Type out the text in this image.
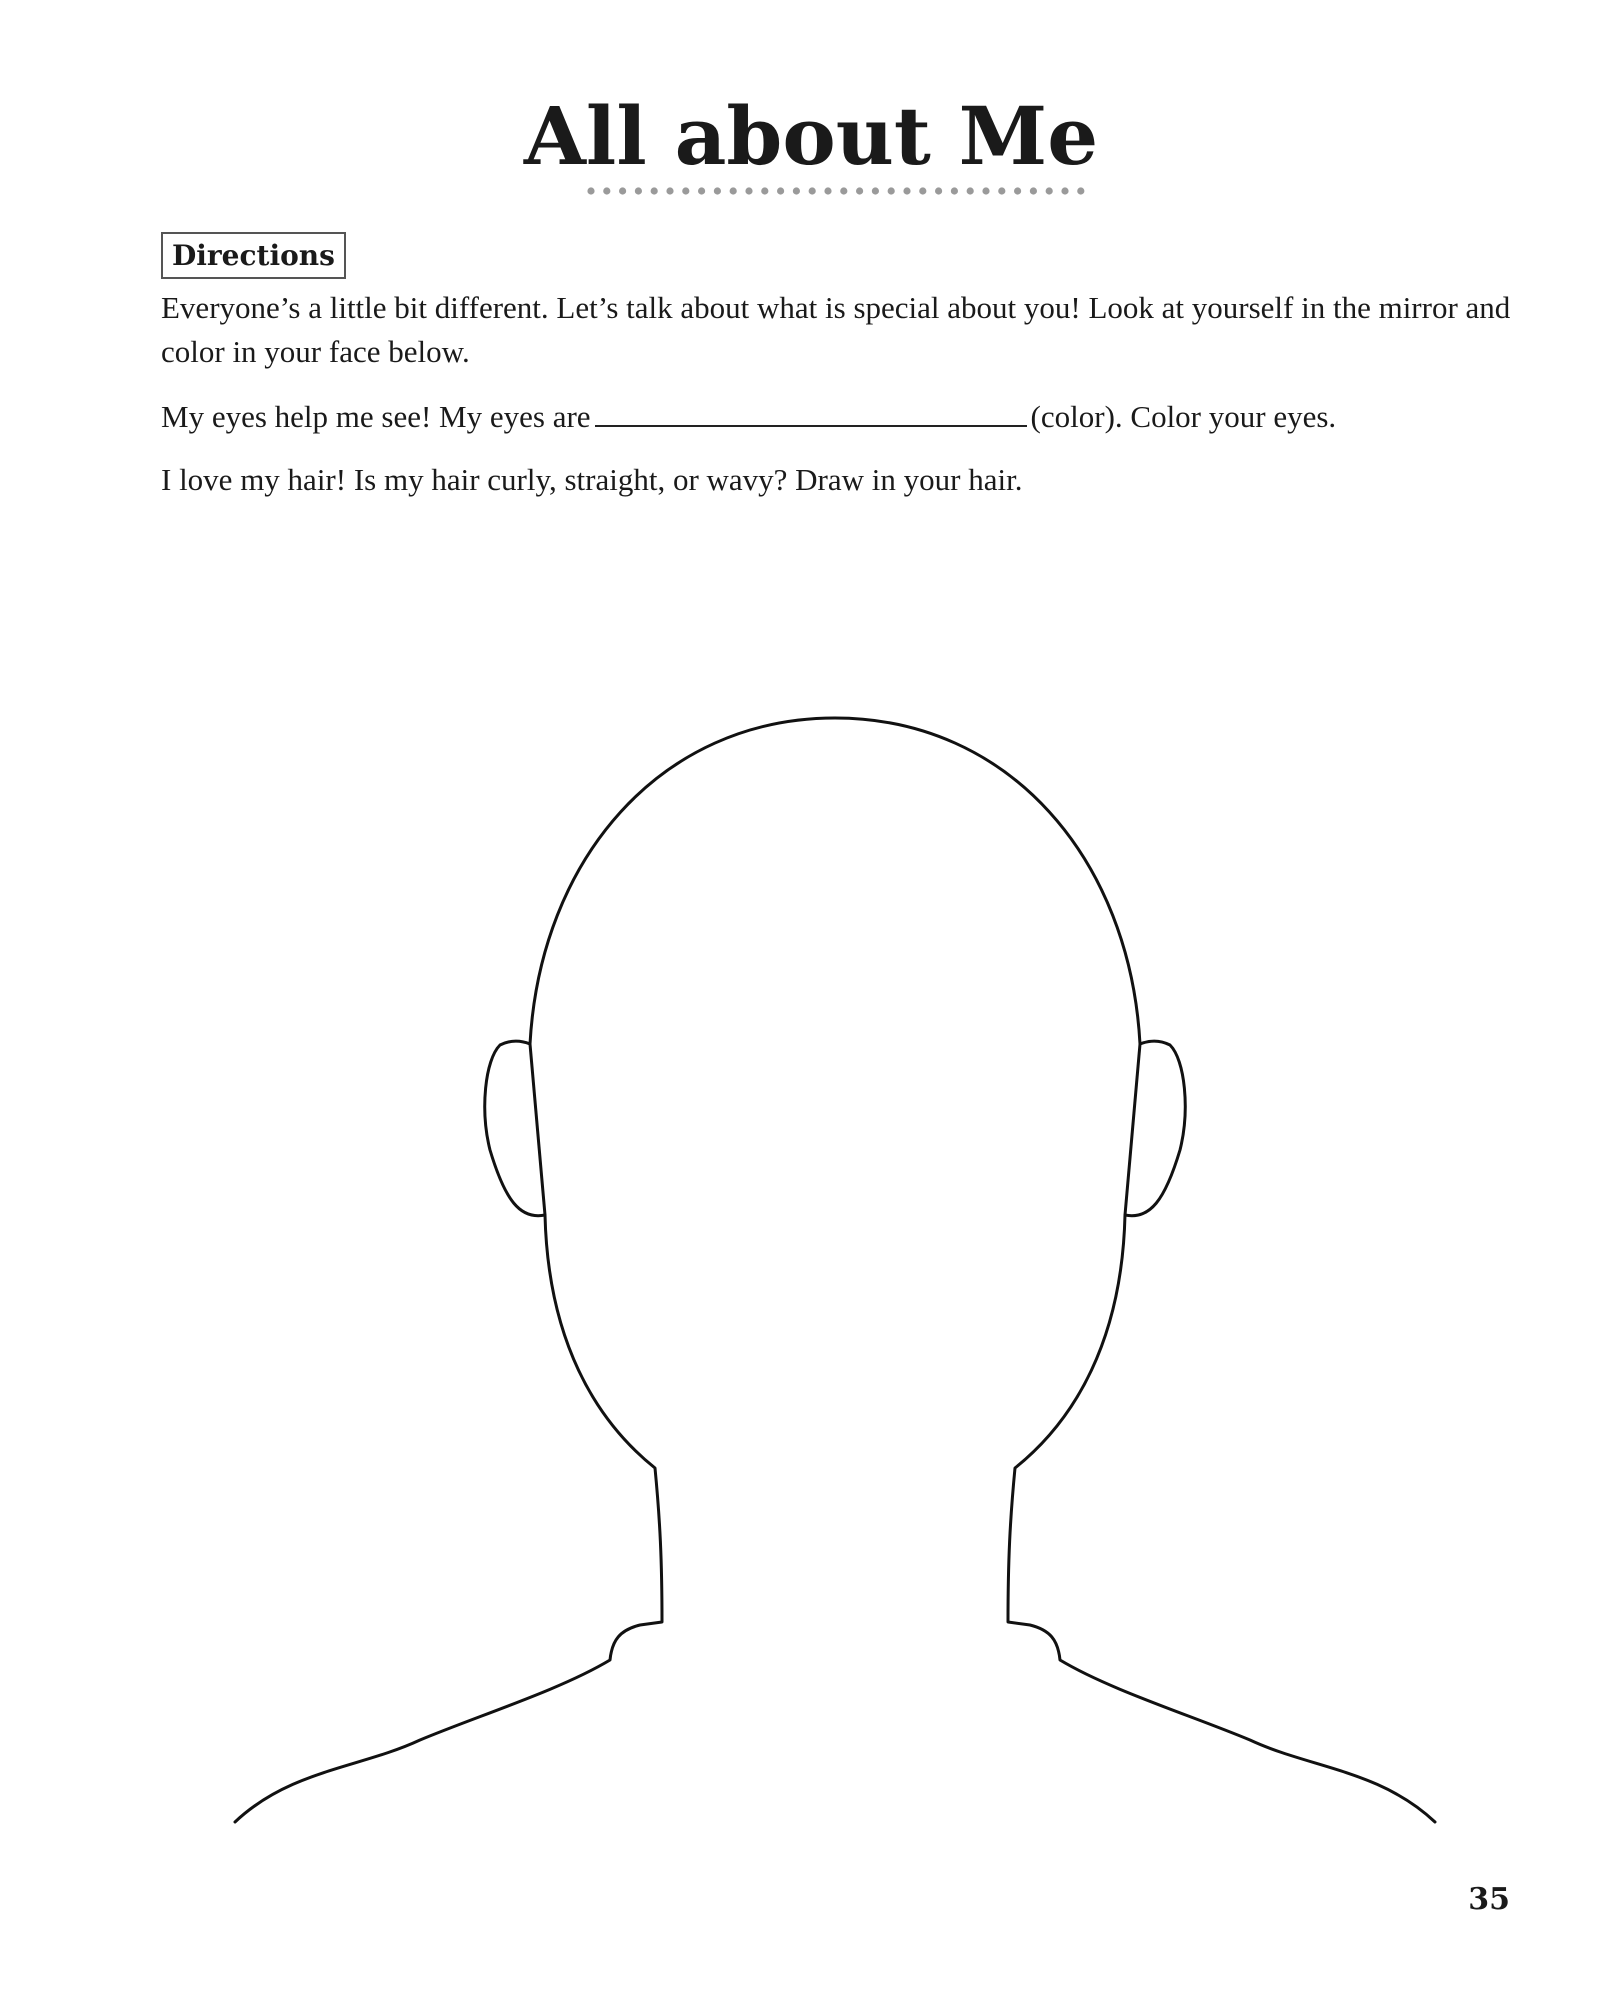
All about Me
Directions

Everyone’s a little bit different. Let’s talk about what is special about you! Look at yourself in the mirror and color in your face below.

My eyes help me see! My eyes are	(color). Color your eyes.

I love my hair! Is my hair curly, straight, or wavy? Draw in your hair.

35
